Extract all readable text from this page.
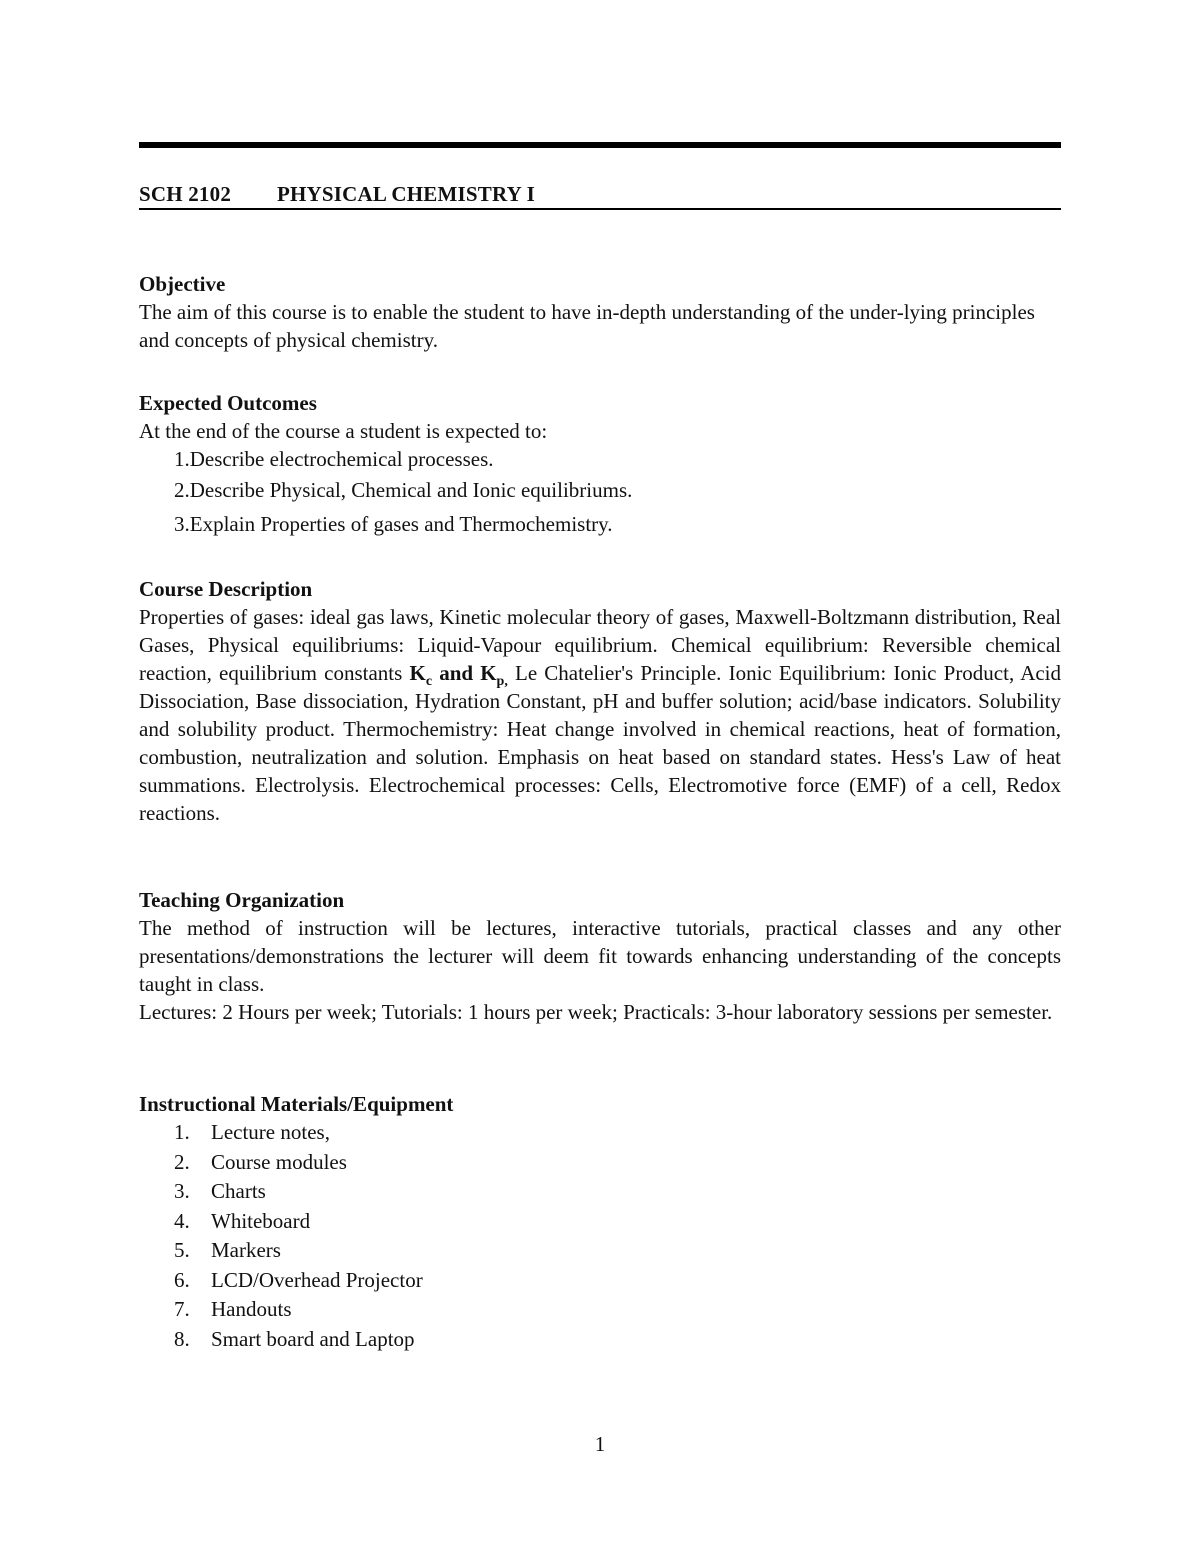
SCH 2102 PHYSICAL CHEMISTRY I
Objective

The aim of this course is to enable the student to have in-depth understanding of the under-lying principles and concepts of physical chemistry.

Expected Outcomes

At the end of the course a student is expected to:

1.Describe electrochemical processes.
2.Describe Physical, Chemical and Ionic equilibriums.
3.Explain Properties of gases and Thermochemistry.
Course Description

Properties of gases: ideal gas laws, Kinetic molecular theory of gases, Maxwell-Boltzmann distribution, Real Gases, Physical equilibriums: Liquid-Vapour equilibrium. Chemical equilibrium: Reversible chemical reaction, equilibrium constants $K_c$ and $K_{p,}$ Le Chatelier's Principle. Ionic Equilibrium: Ionic Product, Acid Dissociation, Base dissociation, Hydration Constant, pH and buffer solution; acid/base indicators. Solubility and solubility product. Thermochemistry: Heat change involved in chemical reactions, heat of formation, combustion, neutralization and solution. Emphasis on heat based on standard states. Hess's Law of heat summations. Electrolysis. Electrochemical processes: Cells, Electromotive force (EMF) of a cell, Redox reactions.

Teaching Organization

The method of instruction will be lectures, interactive tutorials, practical classes and any other presentations/demonstrations the lecturer will deem fit towards enhancing understanding of the concepts taught in class.

Lectures: 2 Hours per week; Tutorials: 1 hours per week; Practicals: 3-hour laboratory sessions per semester.

Instructional Materials/Equipment
1. Lecture notes,
2. Course modules
3. Charts
4. Whiteboard
5. Markers
6. LCD/Overhead Projector
7. Handouts
8. Smart board and Laptop
1
